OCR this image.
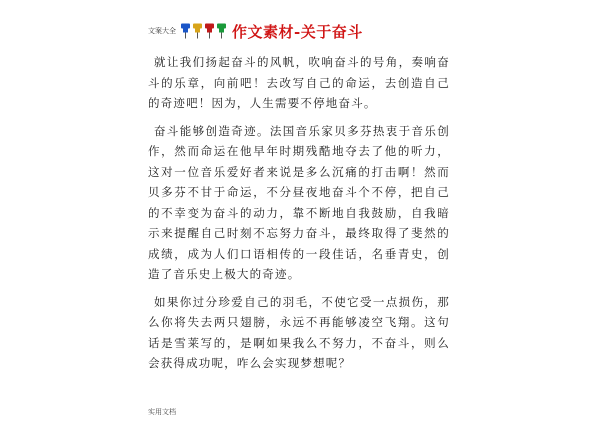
文案大全	作文素材-关于奋斗

就让我们扬起奋斗的风帆，吹响奋斗的号角，奏响奋斗的乐章，向前吧！去改写自己的命运，去创造自己的奇迹吧！因为，人生需要不停地奋斗。

奋斗能够创造奇迹。法国音乐家贝多芬热衷于音乐创作，然而命运在他早年时期残酷地夺去了他的听力，这对一位音乐爱好者来说是多么沉痛的打击啊！然而贝多芬不甘于命运，不分昼夜地奋斗个不停，把自己的不幸变为奋斗的动力，靠不断地自我鼓励，自我暗示来提醒自己时刻不忘努力奋斗，最终取得了斐然的成绩，成为人们口语相传的一段佳话，名垂青史，创造了音乐史上极大的奇迹。

如果你过分珍爱自己的羽毛，不使它受一点损伤，那么你将失去两只翅膀，永远不再能够凌空飞翔。这句话是雪莱写的，是啊如果我么不努力，不奋斗，则么会获得成功呢，咋么会实现梦想呢？

实用文档
